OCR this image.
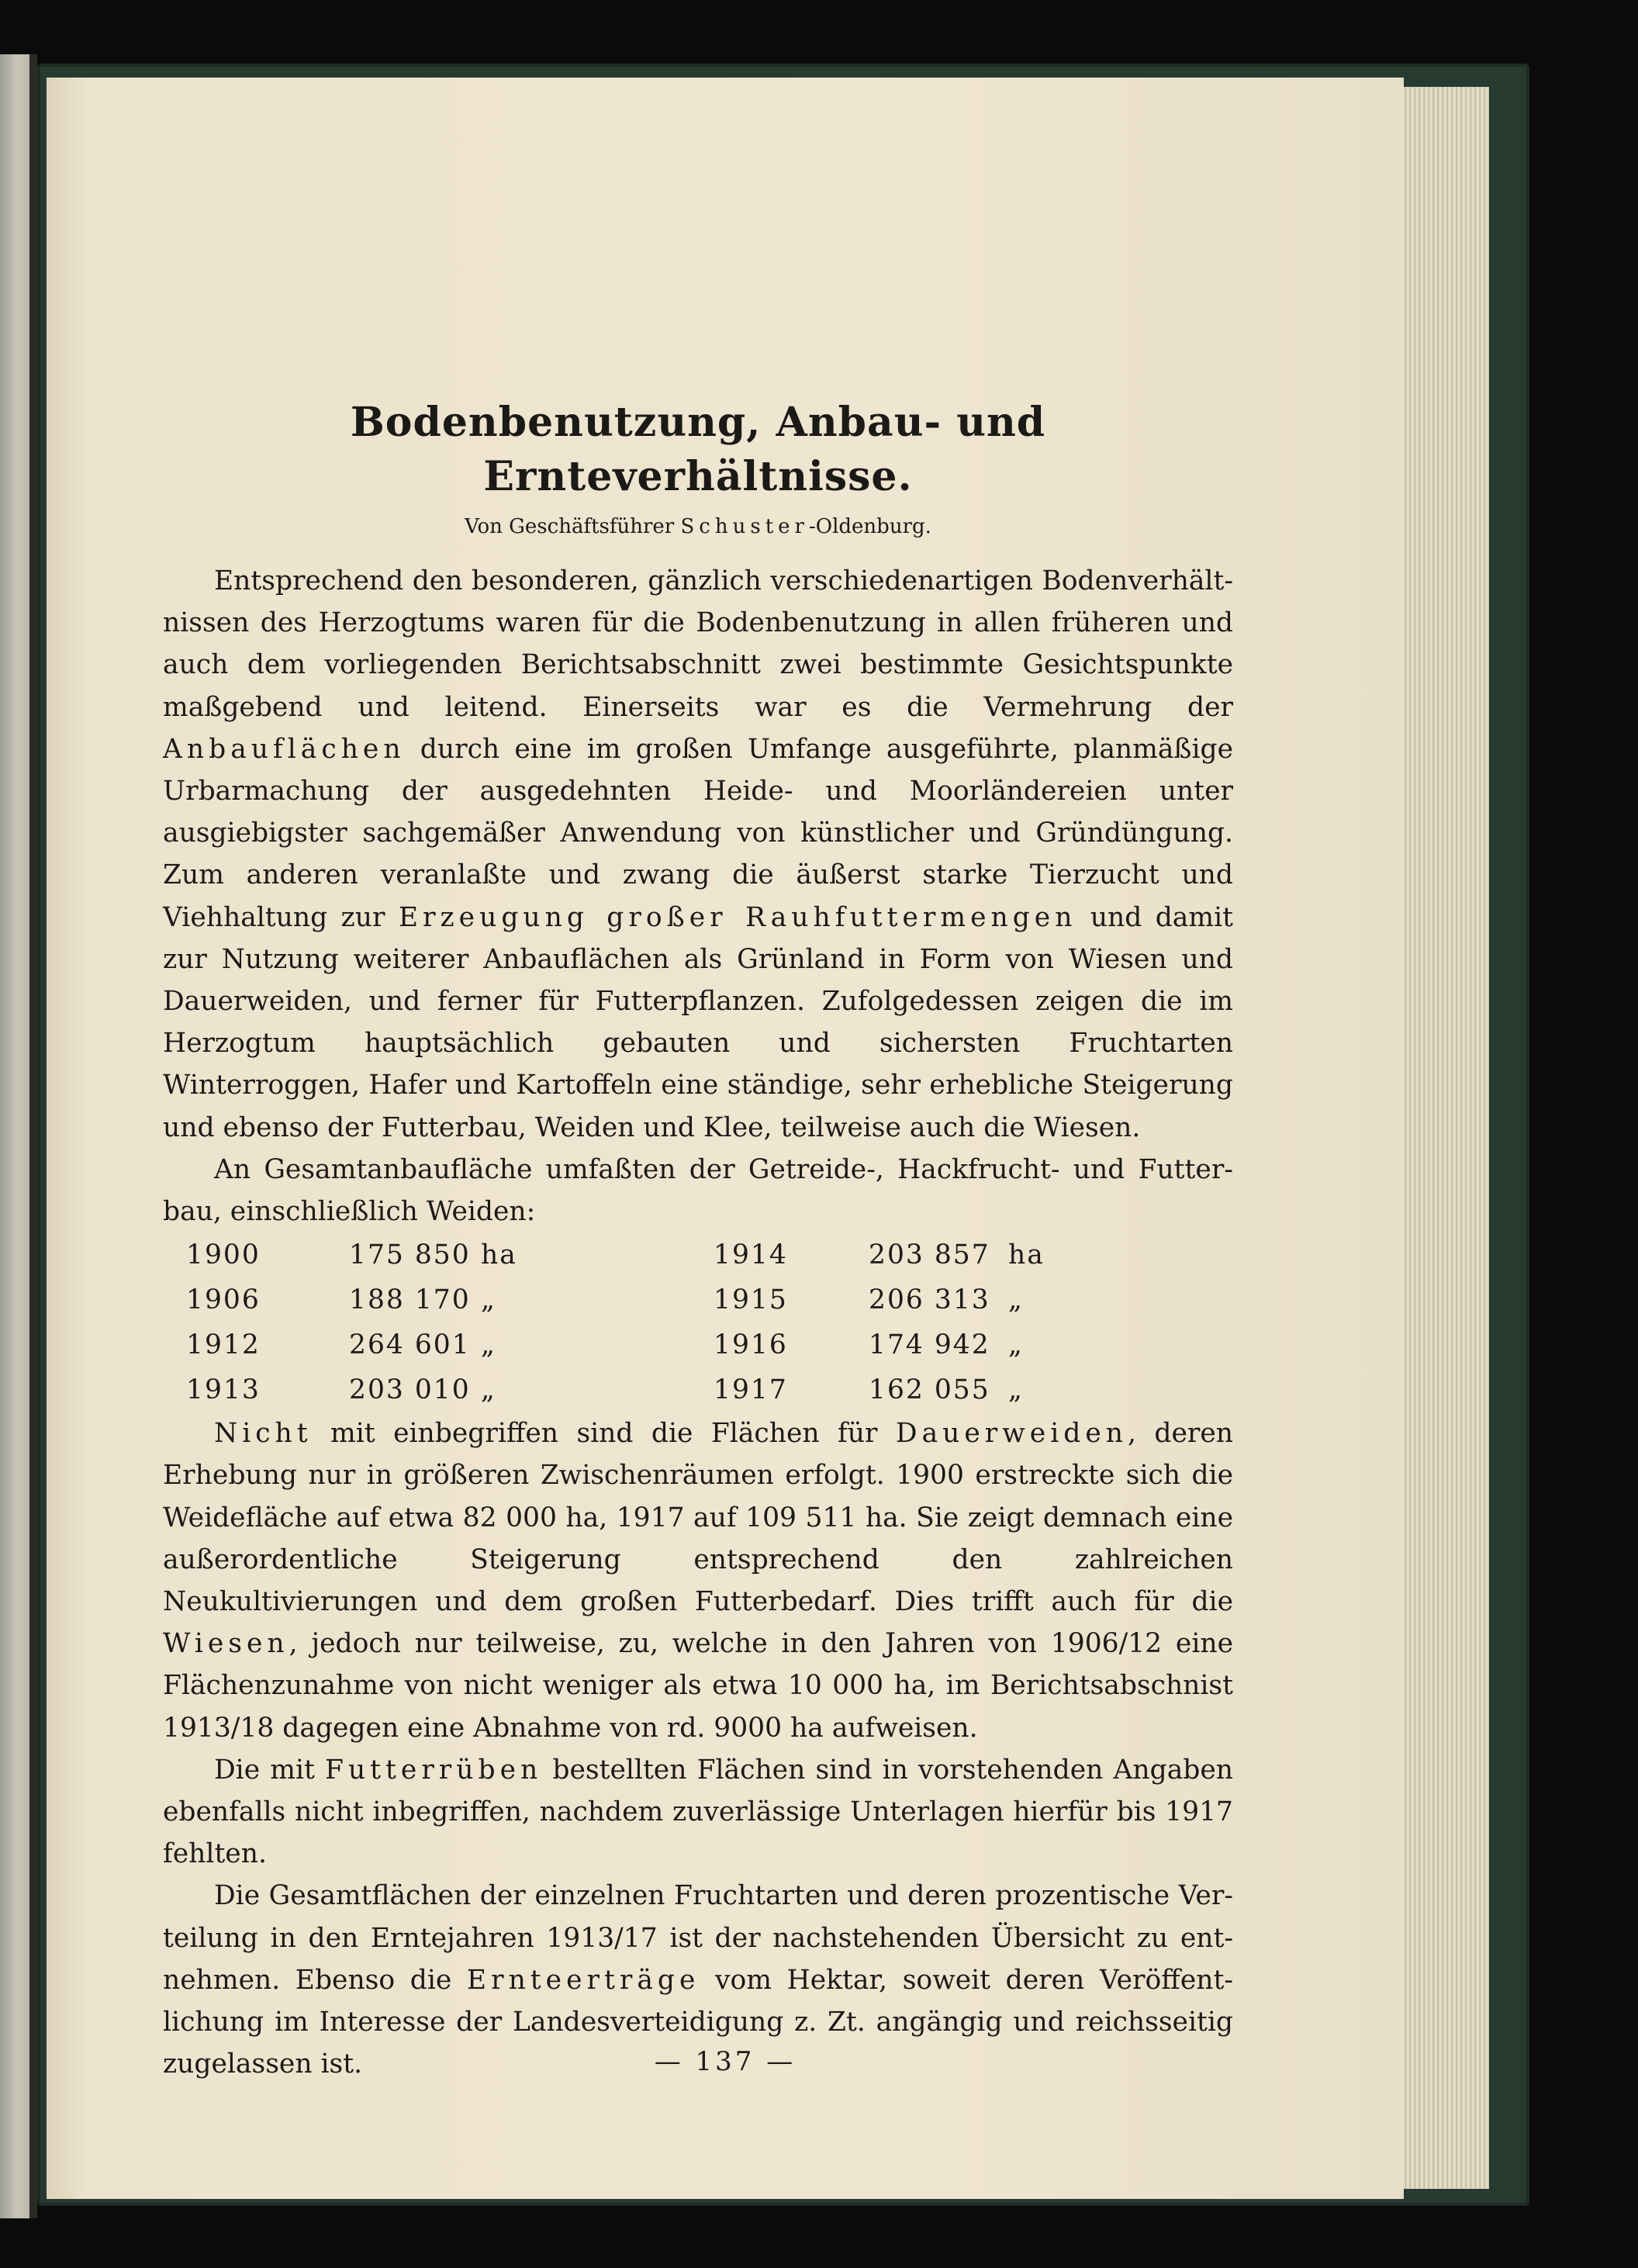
Bodenbenutzung, Anbau- und Ernteverhältnisse.

Von Geschäftsführer Schuster-Oldenburg.

Entsprechend den besonderen, gänzlich verschiedenartigen Bodenverhältnissen des Herzogtums waren für die Bodenbenutzung in allen früheren und auch dem vorliegenden Berichtsabschnitt zwei bestimmte Gesichtspunkte maßgebend und leitend. Einerseits war es die Vermehrung der Anbauflächen durch eine im großen Umfange ausgeführte, planmäßige Urbarmachung der ausgedehnten Heide- und Moorländereien unter ausgiebigster sachgemäßer Anwendung von künstlicher und Gründüngung. Zum anderen veranlaßte und zwang die äußerst starke Tierzucht und Viehhaltung zur Erzeugung großer Rauhfuttermengen und damit zur Nutzung weiterer Anbauflächen als Grünland in Form von Wiesen und Dauerweiden, und ferner für Futterpflanzen. Zufolgedessen zeigen die im Herzogtum hauptsächlich gebauten und sichersten Fruchtarten Winterroggen, Hafer und Kartoffeln eine ständige, sehr erhebliche Steigerung und ebenso der Futterbau, Weiden und Klee, teilweise auch die Wiesen.

An Gesamtanbaufläche umfaßten der Getreide-, Hackfrucht- und Futterbau, einschließlich Weiden:

1900	175 850	ha	1914	203 857	ha
1906	188 170	„	1915	206 313	„
1912	264 601	„	1916	174 942	„
1913	203 010	„	1917	162 055	„

Nicht mit einbegriffen sind die Flächen für Dauerweiden, deren Erhebung nur in größeren Zwischenräumen erfolgt. 1900 erstreckte sich die Weidefläche auf etwa 82 000 ha, 1917 auf 109 511 ha. Sie zeigt demnach eine außerordentliche Steigerung entsprechend den zahlreichen Neukultivierungen und dem großen Futterbedarf. Dies trifft auch für die Wiesen, jedoch nur teilweise, zu, welche in den Jahren von 1906/12 eine Flächenzunahme von nicht weniger als etwa 10 000 ha, im Berichtsabschnist 1913/18 dagegen eine Abnahme von rd. 9000 ha aufweisen.

Die mit Futterrüben bestellten Flächen sind in vorstehenden Angaben ebenfalls nicht inbegriffen, nachdem zuverlässige Unterlagen hierfür bis 1917 fehlten.

Die Gesamtflächen der einzelnen Fruchtarten und deren prozentische Verteilung in den Erntejahren 1913/17 ist der nachstehenden Übersicht zu entnehmen. Ebenso die Ernteerträge vom Hektar, soweit deren Veröffentlichung im Interesse der Landesverteidigung z. Zt. angängig und reichsseitig zugelassen ist.	— 137 —
